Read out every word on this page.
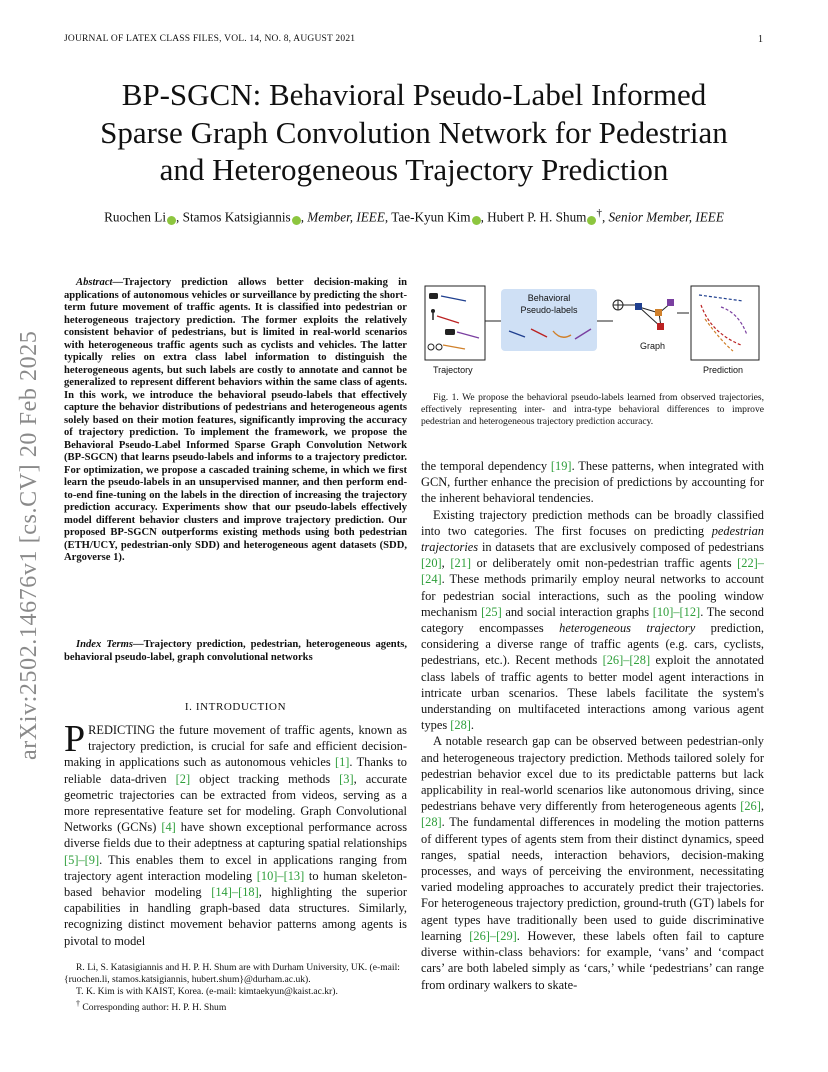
JOURNAL OF LATEX CLASS FILES, VOL. 14, NO. 8, AUGUST 2021	1
BP-SGCN: Behavioral Pseudo-Label Informed
Sparse Graph Convolution Network for Pedestrian
and Heterogeneous Trajectory Prediction
Ruochen Li , Stamos Katsigiannis , Member, IEEE, Tae-Kyun Kim , Hubert P. H. Shum †, Senior Member, IEEE
arXiv:2502.14676v1 [cs.CV] 20 Feb 2025
Abstract—Trajectory prediction allows better decision-making in applications of autonomous vehicles or surveillance by predicting the short-term future movement of traffic agents. It is classified into pedestrian or heterogeneous trajectory prediction. The former exploits the relatively consistent behavior of pedestrians, but is limited in real-world scenarios with heterogeneous traffic agents such as cyclists and vehicles. The latter typically relies on extra class label information to distinguish the heterogeneous agents, but such labels are costly to annotate and cannot be generalized to represent different behaviors within the same class of agents. In this work, we introduce the behavioral pseudo-labels that effectively capture the behavior distributions of pedestrians and heterogeneous agents solely based on their motion features, significantly improving the accuracy of trajectory prediction. To implement the framework, we propose the Behavioral Pseudo-Label Informed Sparse Graph Convolution Network (BP-SGCN) that learns pseudo-labels and informs to a trajectory predictor. For optimization, we propose a cascaded training scheme, in which we first learn the pseudo-labels in an unsupervised manner, and then perform end-to-end fine-tuning on the labels in the direction of increasing the trajectory prediction accuracy. Experiments show that our pseudo-labels effectively model different behavior clusters and improve trajectory prediction. Our proposed BP-SGCN outperforms existing methods using both pedestrian (ETH/UCY, pedestrian-only SDD) and heterogeneous agent datasets (SDD, Argoverse 1).
Index Terms—Trajectory prediction, pedestrian, heterogeneous agents, behavioral pseudo-label, graph convolutional networks
I. INTRODUCTION
PREDICTING the future movement of traffic agents, known as trajectory prediction, is crucial for safe and efficient decision-making in applications such as autonomous vehicles [1]. Thanks to reliable data-driven [2] object tracking methods [3], accurate geometric trajectories can be extracted from videos, serving as a more representative feature set for modeling. Graph Convolutional Networks (GCNs) [4] have shown exceptional performance across diverse fields due to their adeptness at capturing spatial relationships [5]–[9]. This enables them to excel in applications ranging from trajectory agent interaction modeling [10]–[13] to human skeleton-based behavior modeling [14]–[18], highlighting the superior capabilities in handling graph-based data structures. Similarly, recognizing distinct movement behavior patterns among agents is pivotal to model
R. Li, S. Katasigiannis and H. P. H. Shum are with Durham University, UK. (e-mail: {ruochen.li, stamos.katsigiannis, hubert.shum}@durham.ac.uk).
T. K. Kim is with KAIST, Korea. (e-mail: kimtaekyun@kaist.ac.kr).
† Corresponding author: H. P. H. Shum
Trajectory
Behavioral
Pseudo-labels
Graph
Prediction
Fig. 1. We propose the behavioral pseudo-labels learned from observed trajectories, effectively representing inter- and intra-type behavioral differences to improve pedestrian and heterogeneous trajectory prediction accuracy.

the temporal dependency [19]. These patterns, when integrated with GCN, further enhance the precision of predictions by accounting for the inherent behavioral tendencies.

Existing trajectory prediction methods can be broadly classified into two categories. The first focuses on predicting pedestrian trajectories in datasets that are exclusively composed of pedestrians [20], [21] or deliberately omit non-pedestrian traffic agents [22]–[24]. These methods primarily employ neural networks to account for pedestrian social interactions, such as the pooling window mechanism [25] and social interaction graphs [10]–[12]. The second category encompasses heterogeneous trajectory prediction, considering a diverse range of traffic agents (e.g. cars, cyclists, pedestrians, etc.). Recent methods [26]–[28] exploit the annotated class labels of traffic agents to better model agent interactions in intricate urban scenarios. These labels facilitate the system's understanding on multifaceted interactions among various agent types [28].

A notable research gap can be observed between pedestrian-only and heterogeneous trajectory prediction. Methods tailored solely for pedestrian behavior excel due to its predictable patterns but lack applicability in real-world scenarios like autonomous driving, since pedestrians behave very differently from heterogeneous agents [26], [28]. The fundamental differences in modeling the motion patterns of different types of agents stem from their distinct dynamics, speed ranges, spatial needs, interaction behaviors, decision-making processes, and ways of perceiving the environment, necessitating varied modeling approaches to accurately predict their trajectories. For heterogeneous trajectory prediction, ground-truth (GT) labels for agent types have traditionally been used to guide discriminative learning [26]–[29]. However, these labels often fail to capture diverse within-class behaviors: for example, ‘vans’ and ‘compact cars’ are both labeled simply as ‘cars,’ while ‘pedestrians’ can range from ordinary walkers to skate-
